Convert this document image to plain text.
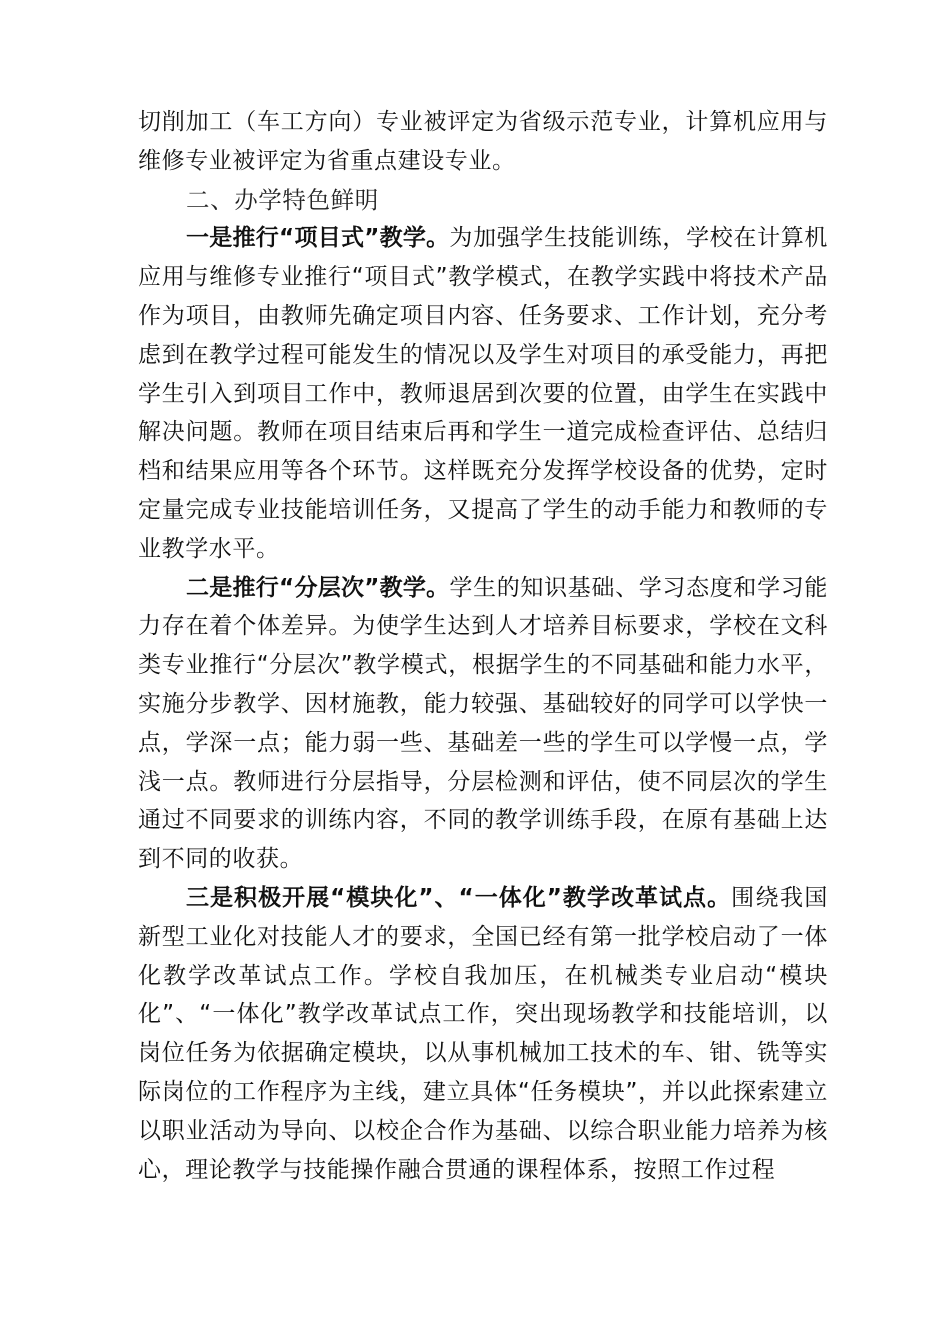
切削加工（车工方向）专业被评定为省级示范专业，计算机应用与维修专业被评定为省重点建设专业。

二、办学特色鲜明

一是推行“项目式”教学。为加强学生技能训练，学校在计算机应用与维修专业推行“项目式”教学模式，在教学实践中将技术产品作为项目，由教师先确定项目内容、任务要求、工作计划，充分考虑到在教学过程可能发生的情况以及学生对项目的承受能力，再把学生引入到项目工作中，教师退居到次要的位置，由学生在实践中解决问题。教师在项目结束后再和学生一道完成检查评估、总结归档和结果应用等各个环节。这样既充分发挥学校设备的优势，定时定量完成专业技能培训任务，又提高了学生的动手能力和教师的专业教学水平。

二是推行“分层次”教学。学生的知识基础、学习态度和学习能力存在着个体差异。为使学生达到人才培养目标要求，学校在文科类专业推行“分层次”教学模式，根据学生的不同基础和能力水平，实施分步教学、因材施教，能力较强、基础较好的同学可以学快一点，学深一点；能力弱一些、基础差一些的学生可以学慢一点，学浅一点。教师进行分层指导，分层检测和评估，使不同层次的学生通过不同要求的训练内容，不同的教学训练手段，在原有基础上达到不同的收获。

三是积极开展“模块化”、“一体化”教学改革试点。围绕我国新型工业化对技能人才的要求，全国已经有第一批学校启动了一体化教学改革试点工作。学校自我加压，在机械类专业启动“模块化”、“一体化”教学改革试点工作，突出现场教学和技能培训，以岗位任务为依据确定模块，以从事机械加工技术的车、钳、铣等实际岗位的工作程序为主线，建立具体“任务模块”，并以此探索建立以职业活动为导向、以校企合作为基础、以综合职业能力培养为核心，理论教学与技能操作融合贯通的课程体系，按照工作过程
